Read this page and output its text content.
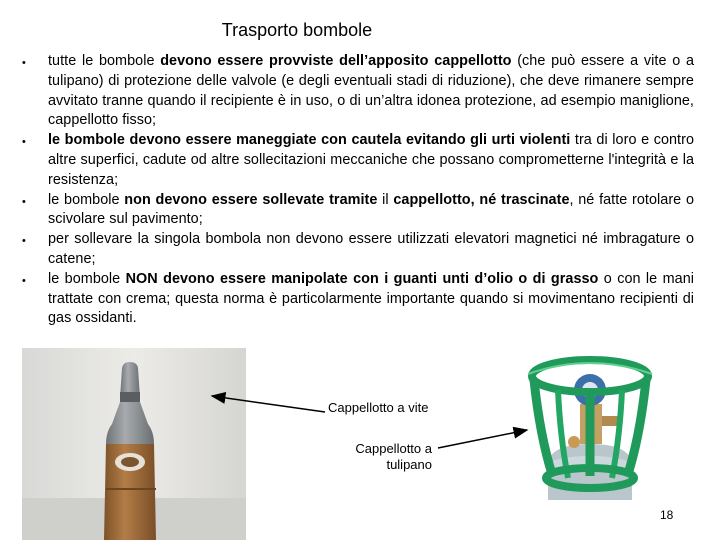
Trasporto bombole
•	tutte le bombole devono essere provviste dell’apposito cappellotto (che può essere a vite o a tulipano) di protezione delle valvole (e degli eventuali stadi di riduzione), che deve rimanere sempre avvitato tranne quando il recipiente è in uso, o di un’altra idonea protezione, ad esempio maniglione, cappellotto fisso;
•	le bombole devono essere maneggiate con cautela evitando gli urti violenti tra di loro e contro altre superfici, cadute od altre sollecitazioni meccaniche che possano comprometterne l'integrità e la resistenza;
•	le bombole non devono essere sollevate tramite il cappellotto, né trascinate, né fatte rotolare o scivolare sul pavimento;
•	per sollevare la singola bombola non devono essere utilizzati elevatori magnetici né imbragature o catene;
•	le bombole NON devono essere manipolate con i guanti unti d’olio o di grasso o con le mani trattate con crema; questa norma è particolarmente importante quando si movimentano recipienti di gas ossidanti.
Cappellotto a vite
Cappellotto a tulipano
18
